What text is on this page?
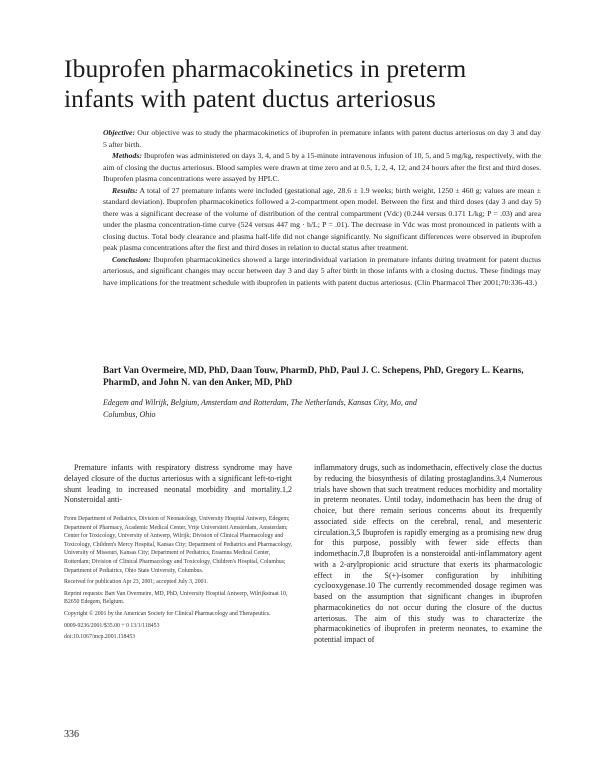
Ibuprofen pharmacokinetics in preterm
infants with patent ductus arteriosus

Objective: Our objective was to study the pharmacokinetics of ibuprofen in premature infants with patent ductus arteriosus on day 3 and day 5 after birth.

Methods: Ibuprofen was administered on days 3, 4, and 5 by a 15-minute intravenous infusion of 10, 5, and 5 mg/kg, respectively, with the aim of closing the ductus arteriosus. Blood samples were drawn at time zero and at 0.5, 1, 2, 4, 12, and 24 hours after the first and third doses. Ibuprofen plasma concentrations were assayed by HPLC.

Results: A total of 27 premature infants were included (gestational age, 28.6 ± 1.9 weeks; birth weight, 1250 ± 460 g; values are mean ± standard deviation). Ibuprofen pharmacokinetics followed a 2-compartment open model. Between the first and third doses (day 3 and day 5) there was a significant decrease of the volume of distribution of the central compartment (Vdc) (0.244 versus 0.171 L/kg; P = .03) and area under the plasma concentration-time curve (524 versus 447 mg · h/L; P = .01). The decrease in Vdc was most pronounced in patients with a closing ductus. Total body clearance and plasma half-life did not change significantly. No significant differences were observed in ibuprofen peak plasma concentrations after the first and third doses in relation to ductal status after treatment.

Conclusion: Ibuprofen pharmacokinetics showed a large interindividual variation in premature infants during treatment for patent ductus arteriosus, and significant changes may occur between day 3 and day 5 after birth in those infants with a closing ductus. These findings may have implications for the treatment schedule with ibuprofen in patients with patent ductus arteriosus. (Clin Pharmacol Ther 2001;70:336-43.)

Bart Van Overmeire, MD, PhD, Daan Touw, PharmD, PhD, Paul J. C. Schepens, PhD, Gregory L. Kearns, PharmD, and John N. van den Anker, MD, PhD

Edegem and Wilrijk, Belgium, Amsterdam and Rotterdam, The Netherlands, Kansas City, Mo, and Columbus, Ohio

Premature infants with respiratory distress syndrome may have delayed closure of the ductus arteriosus with a significant left-to-right shunt leading to increased neonatal morbidity and mortality.1,2 Nonsteroidal anti-

From Department of Pediatrics, Division of Neonatology, University Hospital Antwerp, Edegem; Department of Pharmacy, Academic Medical Center, Vrije Universiteit Amsterdam, Amsterdam; Center for Toxicology, University of Antwerp, Wilrijk; Division of Clinical Pharmacology and Toxicology, Children's Mercy Hospital, Kansas City; Department of Pediatrics and Pharmacology, University of Missouri, Kansas City; Department of Pediatrics, Erasmus Medical Center, Rotterdam; Division of Clinical Pharmacology and Toxicology, Children's Hospital, Columbus; Department of Pediatrics, Ohio State University, Columbus.

Received for publication Apr 23, 2001; accepted July 3, 2001.

Reprint requests: Bart Van Overmeire, MD, PhD, University Hospital Antwerp, Wilrijkstraat 10, B2650 Edegem, Belgium.

Copyright © 2001 by the American Society for Clinical Pharmacology and Therapeutics.

0009-9236/2001/$35.00 + 0 13/1/118453

doi:10.1067/mcp.2001.118453

inflammatory drugs, such as indomethacin, effectively close the ductus by reducing the biosynthesis of dilating prostaglandins.3,4 Numerous trials have shown that such treatment reduces morbidity and mortality in preterm neonates. Until today, indomethacin has been the drug of choice, but there remain serious concerns about its frequently associated side effects on the cerebral, renal, and mesenteric circulation.3,5 Ibuprofen is rapidly emerging as a promising new drug for this purpose, possibly with fewer side effects than indomethacin.7,8 Ibuprofen is a nonsteroidal anti-inflammatory agent with a 2-arylpropionic acid structure that exerts its pharmacologic effect in the S(+)-isomer configuration by inhibiting cyclooxygenase.10 The currently recommended dosage regimen was based on the assumption that significant changes in ibuprofen pharmacokinetics do not occur during the closure of the ductus arteriosus. The aim of this study was to characterize the pharmacokinetics of ibuprofen in preterm neonates, to examine the potential impact of

336
